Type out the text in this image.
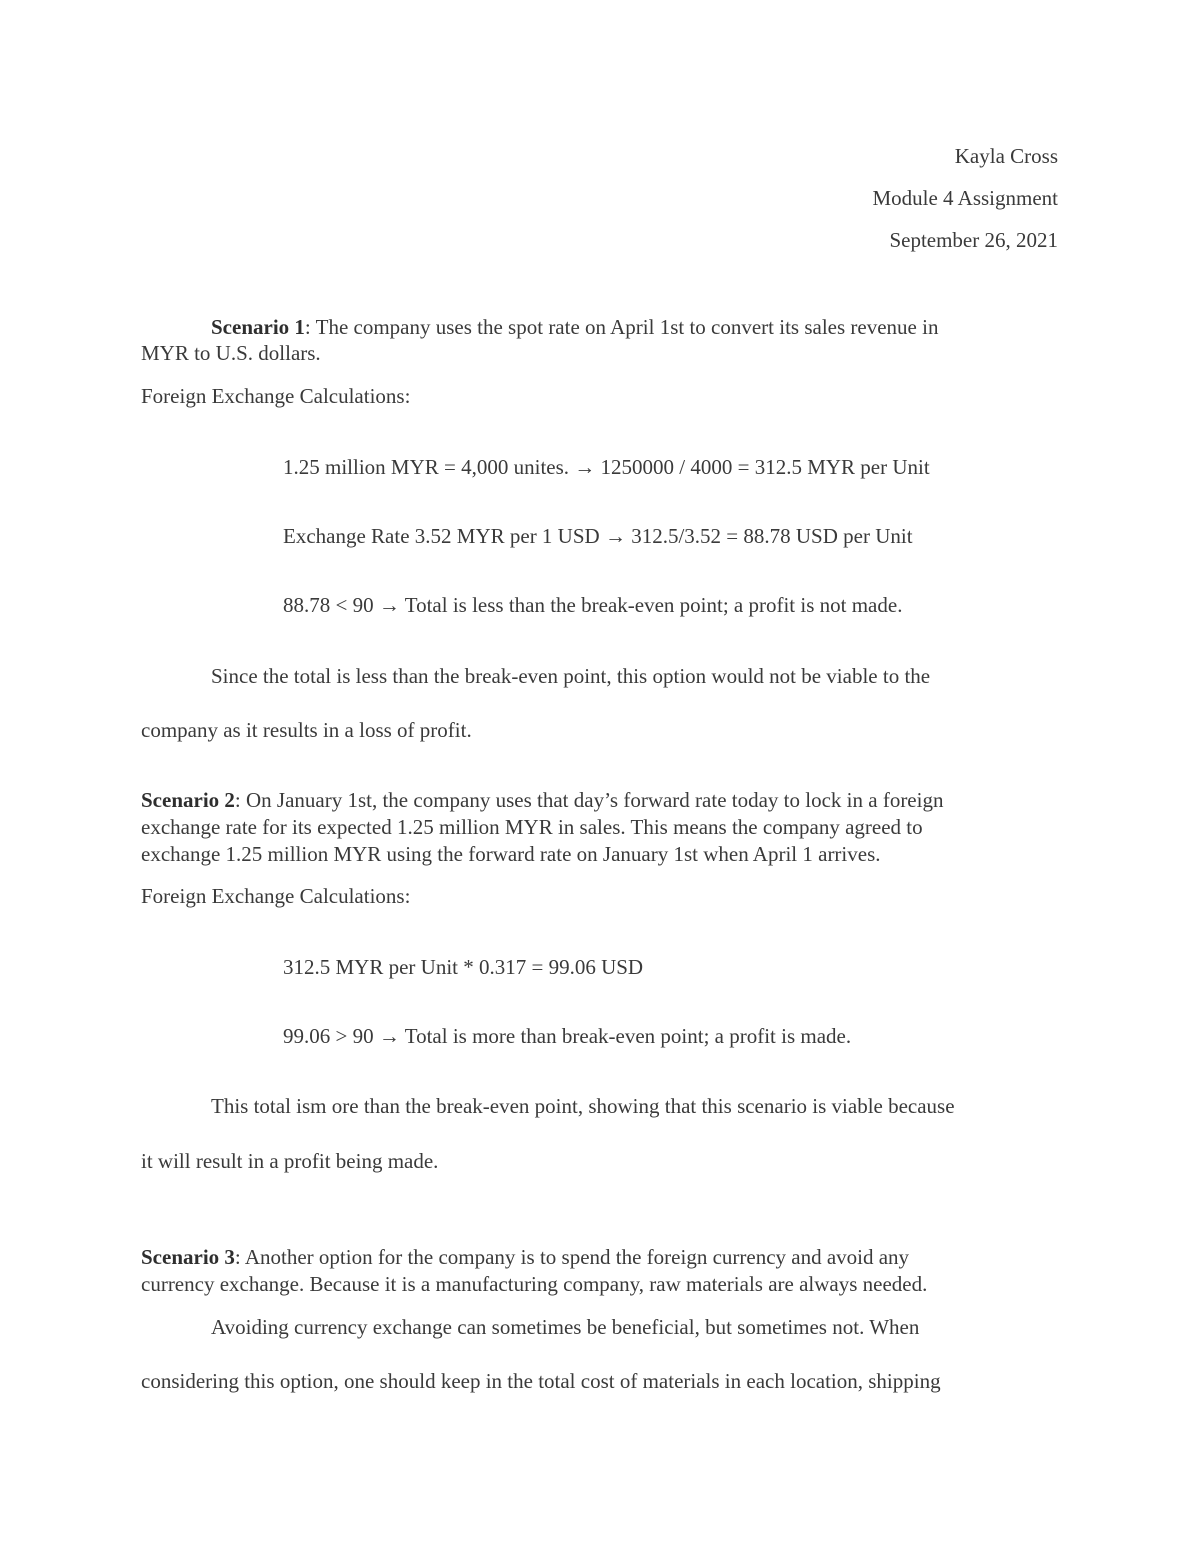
Kayla Cross
Module 4 Assignment
September 26, 2021
Scenario 1: The company uses the spot rate on April 1st to convert its sales revenue in
MYR to U.S. dollars.
Foreign Exchange Calculations:
1.25 million MYR = 4,000 unites. → 1250000 / 4000 = 312.5 MYR per Unit
Exchange Rate 3.52 MYR per 1 USD → 312.5/3.52 = 88.78 USD per Unit
88.78 < 90 → Total is less than the break-even point; a profit is not made.
Since the total is less than the break-even point, this option would not be viable to the
company as it results in a loss of profit.
Scenario 2: On January 1st, the company uses that day’s forward rate today to lock in a foreign
exchange rate for its expected 1.25 million MYR in sales. This means the company agreed to
exchange 1.25 million MYR using the forward rate on January 1st when April 1 arrives.
Foreign Exchange Calculations:
312.5 MYR per Unit * 0.317 = 99.06 USD
99.06 > 90 → Total is more than break-even point; a profit is made.
This total ism ore than the break-even point, showing that this scenario is viable because
it will result in a profit being made.
Scenario 3: Another option for the company is to spend the foreign currency and avoid any
currency exchange. Because it is a manufacturing company, raw materials are always needed.
Avoiding currency exchange can sometimes be beneficial, but sometimes not. When
considering this option, one should keep in the total cost of materials in each location, shipping
